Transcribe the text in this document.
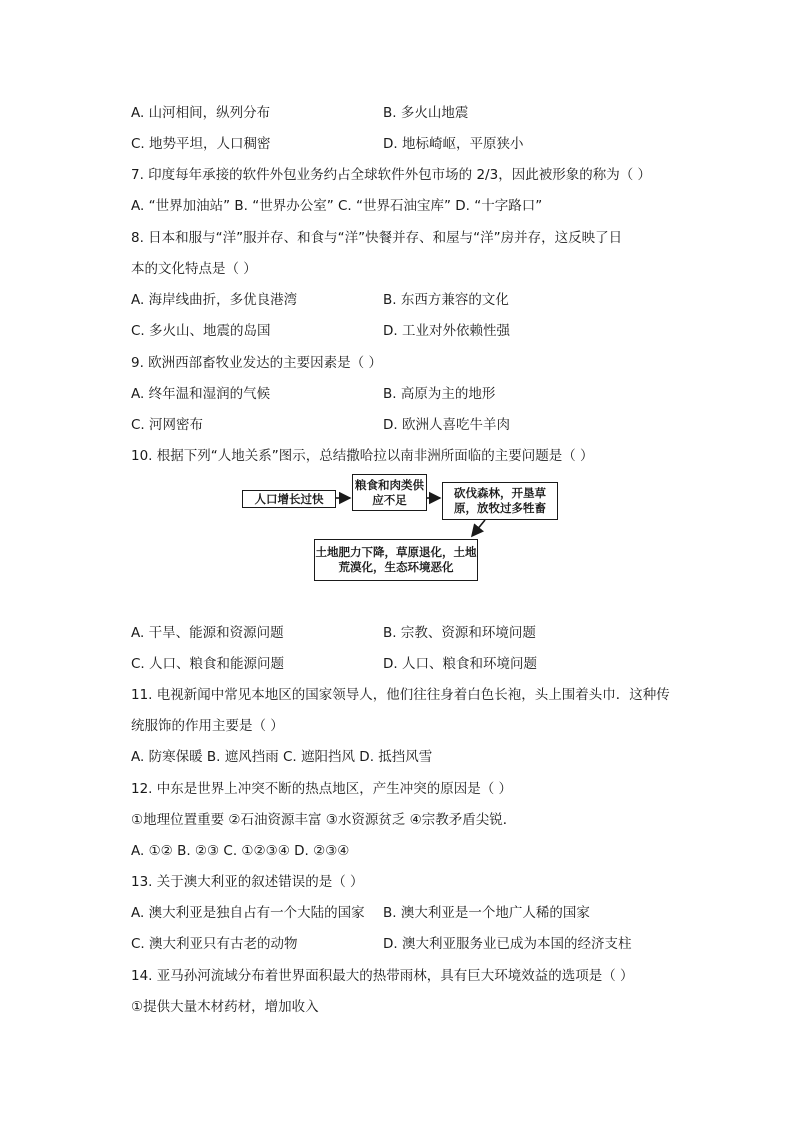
A. 山河相间，纵列分布	B. 多火山地震
C. 地势平坦，人口稠密	D. 地标崎岖，平原狭小
7. 印度每年承接的软件外包业务约占全球软件外包市场的 2/3，因此被形象的称为（ ）
A. “世界加油站” B. “世界办公室” C. “世界石油宝库” D. “十字路口”
8. 日本和服与“洋”服并存、和食与“洋”快餐并存、和屋与“洋”房并存，这反映了日
本的文化特点是（ ）
A. 海岸线曲折，多优良港湾	B. 东西方兼容的文化
C. 多火山、地震的岛国	D. 工业对外依赖性强
9. 欧洲西部畜牧业发达的主要因素是（ ）
A. 终年温和湿润的气候	B. 高原为主的地形
C. 河网密布	D. 欧洲人喜吃牛羊肉
10. 根据下列“人地关系”图示，总结撒哈拉以南非洲所面临的主要问题是（ ）
人口增长过快
粮食和肉类供应不足	砍伐森林，开垦草原，放牧过多牲畜
土地肥力下降，草原退化，土地荒漠化，生态环境恶化
A. 干旱、能源和资源问题	B. 宗教、资源和环境问题
C. 人口、粮食和能源问题	D. 人口、粮食和环境问题
11. 电视新闻中常见本地区的国家领导人，他们往往身着白色长袍，头上围着头巾．这种传
统服饰的作用主要是（ ）
A. 防寒保暖 B. 遮风挡雨 C. 遮阳挡风 D. 抵挡风雪
12. 中东是世界上冲突不断的热点地区，产生冲突的原因是（ ）
①地理位置重要 ②石油资源丰富 ③水资源贫乏 ④宗教矛盾尖锐．
A. ①② B. ②③ C. ①②③④ D. ②③④
13. 关于澳大利亚的叙述错误的是（ ）
A. 澳大利亚是独自占有一个大陆的国家 B. 澳大利亚是一个地广人稀的国家
C. 澳大利亚只有古老的动物	D. 澳大利亚服务业已成为本国的经济支柱
14. 亚马孙河流域分布着世界面积最大的热带雨林，具有巨大环境效益的选项是（ ）
①提供大量木材药材，增加收入
